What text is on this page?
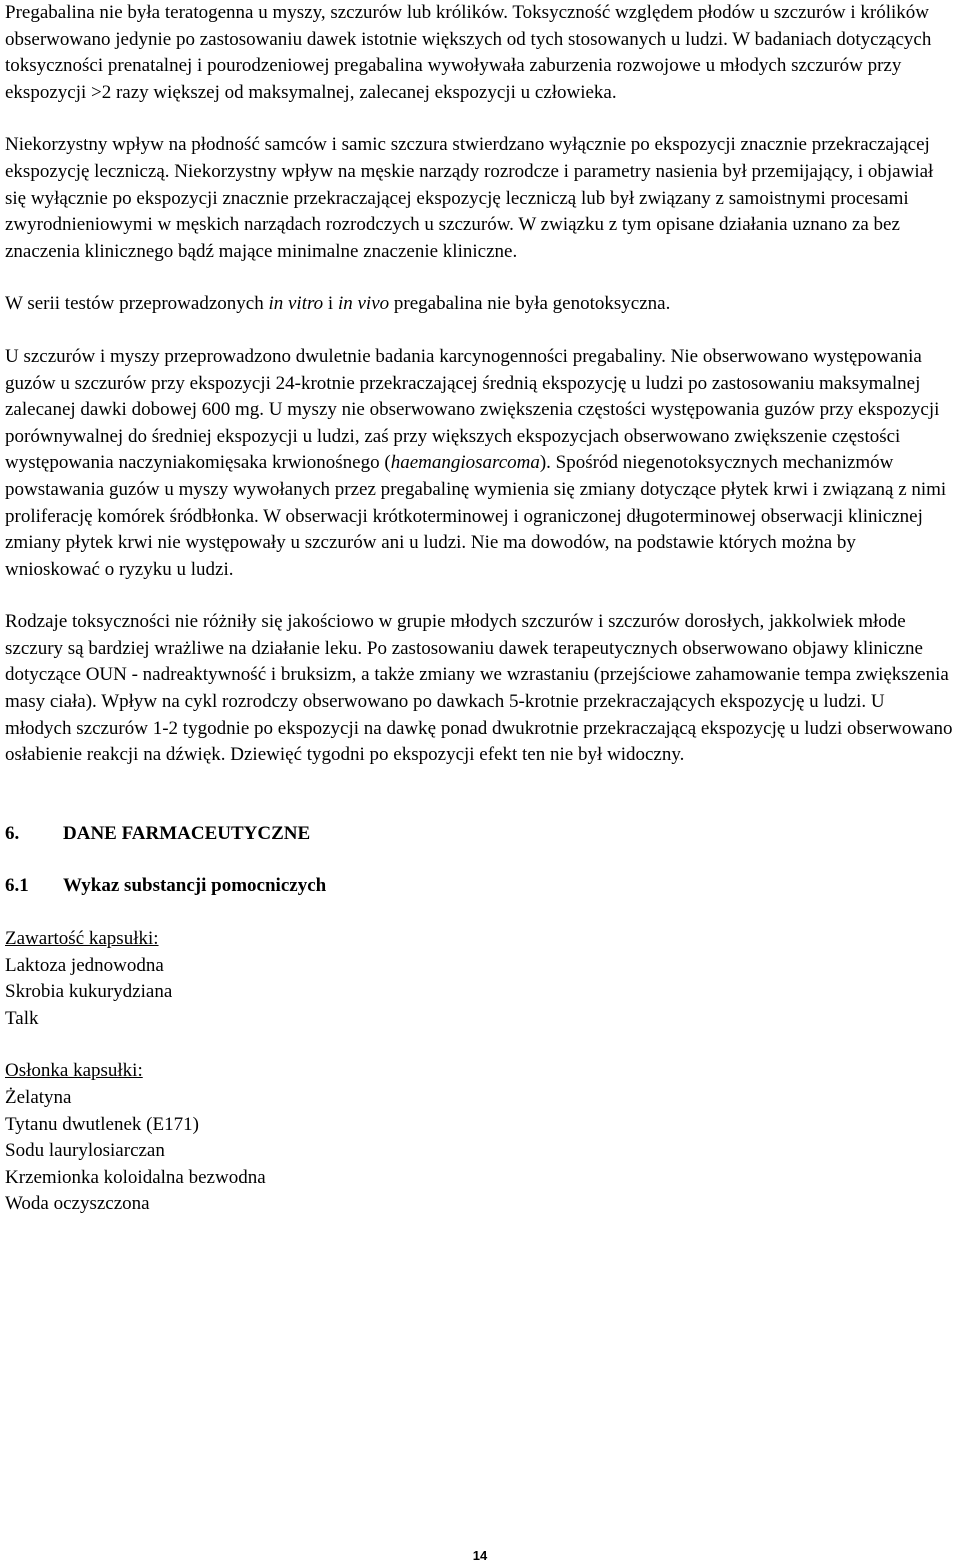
Pregabalina nie była teratogenna u myszy, szczurów lub królików. Toksyczność względem płodów u szczurów i królików obserwowano jedynie po zastosowaniu dawek istotnie większych od tych stosowanych u ludzi. W badaniach dotyczących toksyczności prenatalnej i pourodzeniowej pregabalina wywoływała zaburzenia rozwojowe u młodych szczurów przy ekspozycji >2 razy większej od maksymalnej, zalecanej ekspozycji u człowieka.

Niekorzystny wpływ na płodność samców i samic szczura stwierdzano wyłącznie po ekspozycji znacznie przekraczającej ekspozycję leczniczą. Niekorzystny wpływ na męskie narządy rozrodcze i parametry nasienia był przemijający, i objawiał się wyłącznie po ekspozycji znacznie przekraczającej ekspozycję leczniczą lub był związany z samoistnymi procesami zwyrodnieniowymi w męskich narządach rozrodczych u szczurów. W związku z tym opisane działania uznano za bez znaczenia klinicznego bądź mające minimalne znaczenie kliniczne.

W serii testów przeprowadzonych in vitro i in vivo pregabalina nie była genotoksyczna.

U szczurów i myszy przeprowadzono dwuletnie badania karcynogenności pregabaliny. Nie obserwowano występowania guzów u szczurów przy ekspozycji 24-krotnie przekraczającej średnią ekspozycję u ludzi po zastosowaniu maksymalnej zalecanej dawki dobowej 600 mg. U myszy nie obserwowano zwiększenia częstości występowania guzów przy ekspozycji porównywalnej do średniej ekspozycji u ludzi, zaś przy większych ekspozycjach obserwowano zwiększenie częstości występowania naczyniakomięsaka krwionośnego (haemangiosarcoma). Spośród niegenotoksycznych mechanizmów powstawania guzów u myszy wywołanych przez pregabalinę wymienia się zmiany dotyczące płytek krwi i związaną z nimi proliferację komórek śródbłonka. W obserwacji krótkoterminowej i ograniczonej długoterminowej obserwacji klinicznej zmiany płytek krwi nie występowały u szczurów ani u ludzi. Nie ma dowodów, na podstawie których można by wnioskować o ryzyku u ludzi.

Rodzaje toksyczności nie różniły się jakościowo w grupie młodych szczurów i szczurów dorosłych, jakkolwiek młode szczury są bardziej wrażliwe na działanie leku. Po zastosowaniu dawek terapeutycznych obserwowano objawy kliniczne dotyczące OUN - nadreaktywność i bruksizm, a także zmiany we wzrastaniu (przejściowe zahamowanie tempa zwiększenia masy ciała). Wpływ na cykl rozrodczy obserwowano po dawkach 5-krotnie przekraczających ekspozycję u ludzi. U młodych szczurów 1-2 tygodnie po ekspozycji na dawkę ponad dwukrotnie przekraczającą ekspozycję u ludzi obserwowano osłabienie reakcji na dźwięk. Dziewięć tygodni po ekspozycji efekt ten nie był widoczny.

6. DANE FARMACEUTYCZNE

6.1 Wykaz substancji pomocniczych

Zawartość kapsułki:

Laktoza jednowodna

Skrobia kukurydziana

Talk

Osłonka kapsułki:

Żelatyna

Tytanu dwutlenek (E171)

Sodu laurylosiarczan

Krzemionka koloidalna bezwodna

Woda oczyszczona

14
